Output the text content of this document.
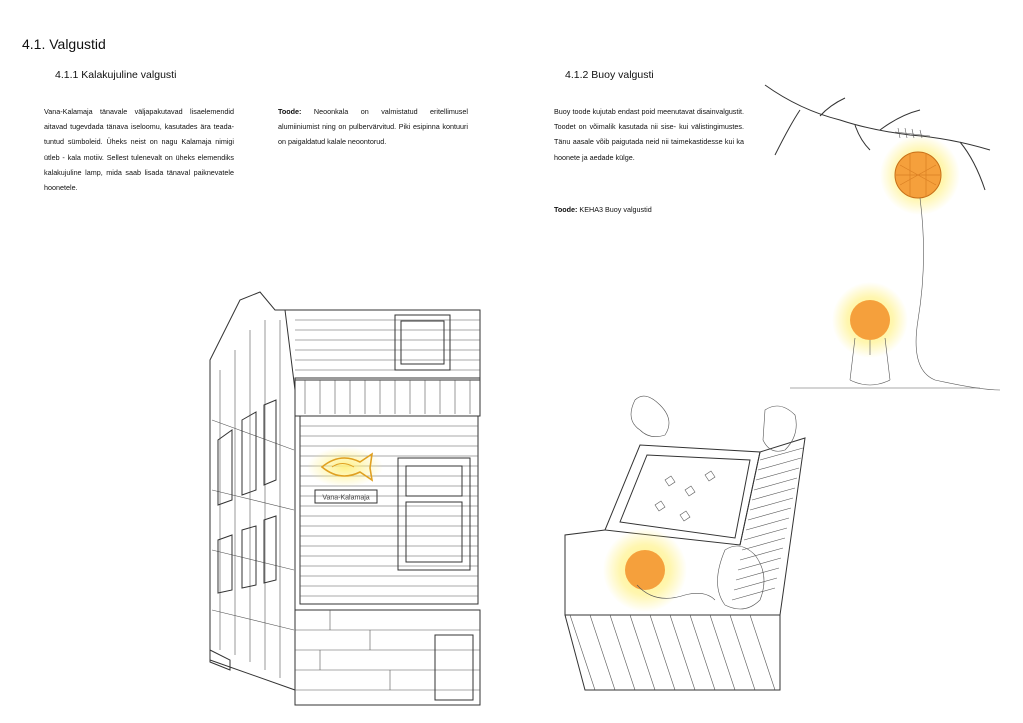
4.1. Valgustid
4.1.1 Kalakujuline valgusti	4.1.2 Buoy valgusti

Vana-Kalamaja tänavale väljapakutavad lisaelemendid aitavad tugevdada tänava iseloomu, kasutades ära teada-tuntud sümboleid. Üheks neist on nagu Kalamaja nimigi ütleb - kala motiiv. Sellest tulenevalt on üheks elemendiks kalakujuline lamp, mida saab lisada tänaval paiknevatele hoonetele.

Toode: Neoonkala on valmistatud eritellimusel alumiiniumist ning on pulbervärvitud. Piki esipinna kontuuri on paigaldatud kalale neoontorud.

Buoy toode kujutab endast poid meenutavat disainvalgustit. Toodet on võimalik kasutada nii sise- kui välistingimustes. Tänu aasale võib paigutada neid nii taimekastidesse kui ka hoonete ja aedade külge.

Toode: KEHA3 Buoy valgustid

Vana-Kalamaja
